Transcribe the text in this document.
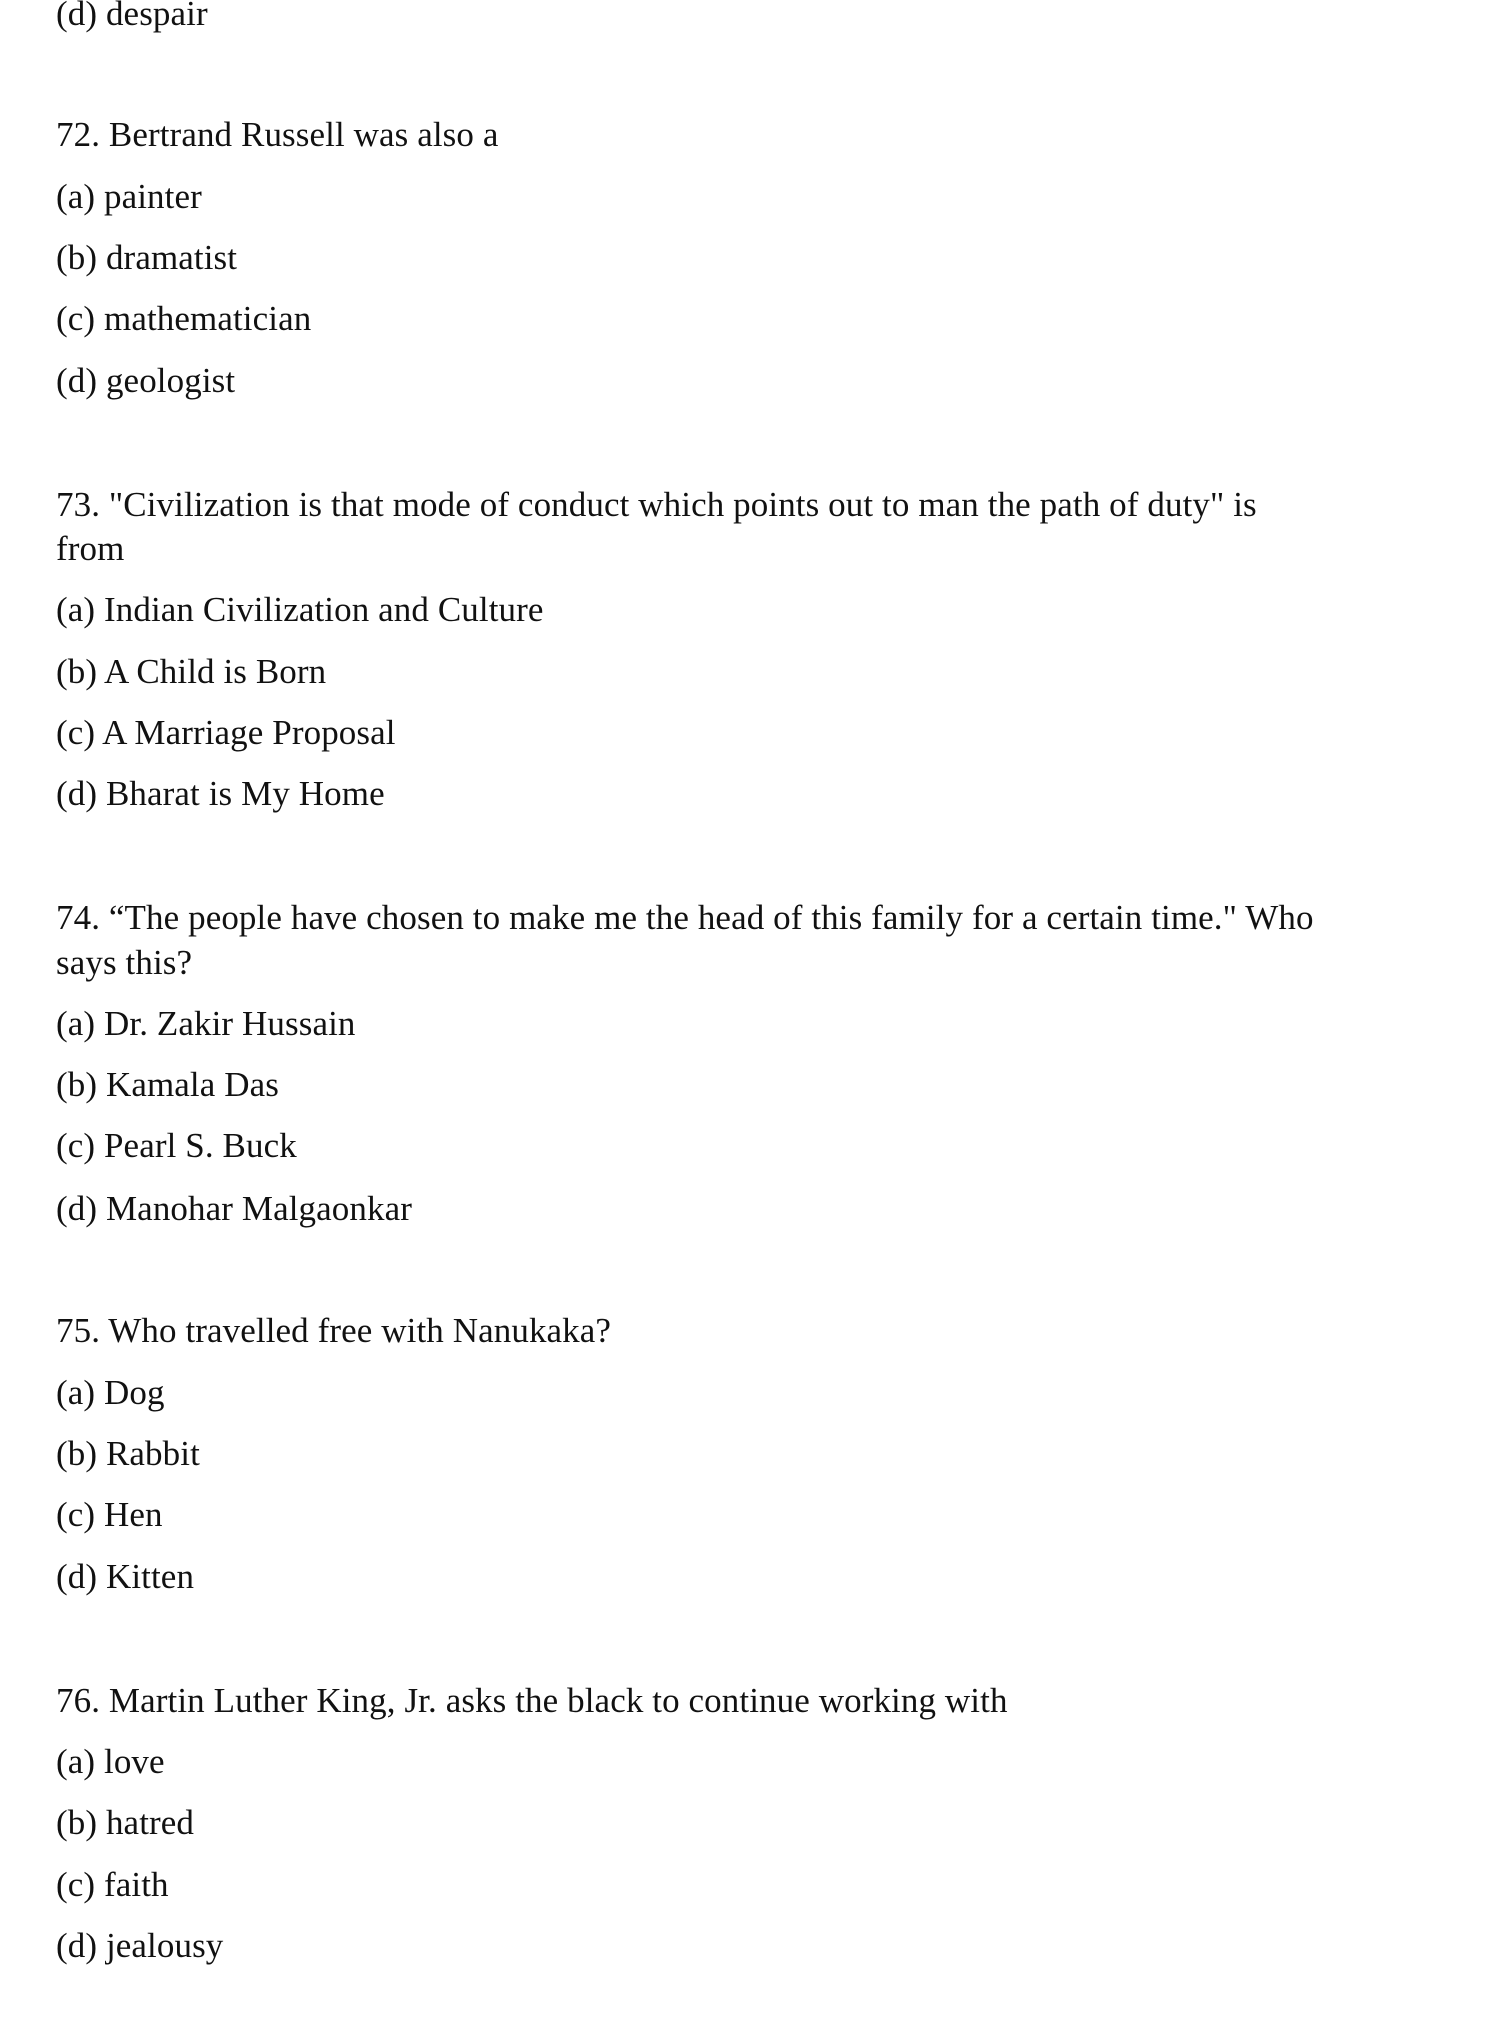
(d) despair
72. Bertrand Russell was also a
(a) painter
(b) dramatist
(c) mathematician
(d) geologist
73. "Civilization is that mode of conduct which points out to man the path of duty" is
from
(a) Indian Civilization and Culture
(b) A Child is Born
(c) A Marriage Proposal
(d) Bharat is My Home
74. “The people have chosen to make me the head of this family for a certain time." Who
says this?
(a) Dr. Zakir Hussain
(b) Kamala Das
(c) Pearl S. Buck
(d) Manohar Malgaonkar
75. Who travelled free with Nanukaka?
(a) Dog
(b) Rabbit
(c) Hen
(d) Kitten
76. Martin Luther King, Jr. asks the black to continue working with
(a) love
(b) hatred
(c) faith
(d) jealousy
